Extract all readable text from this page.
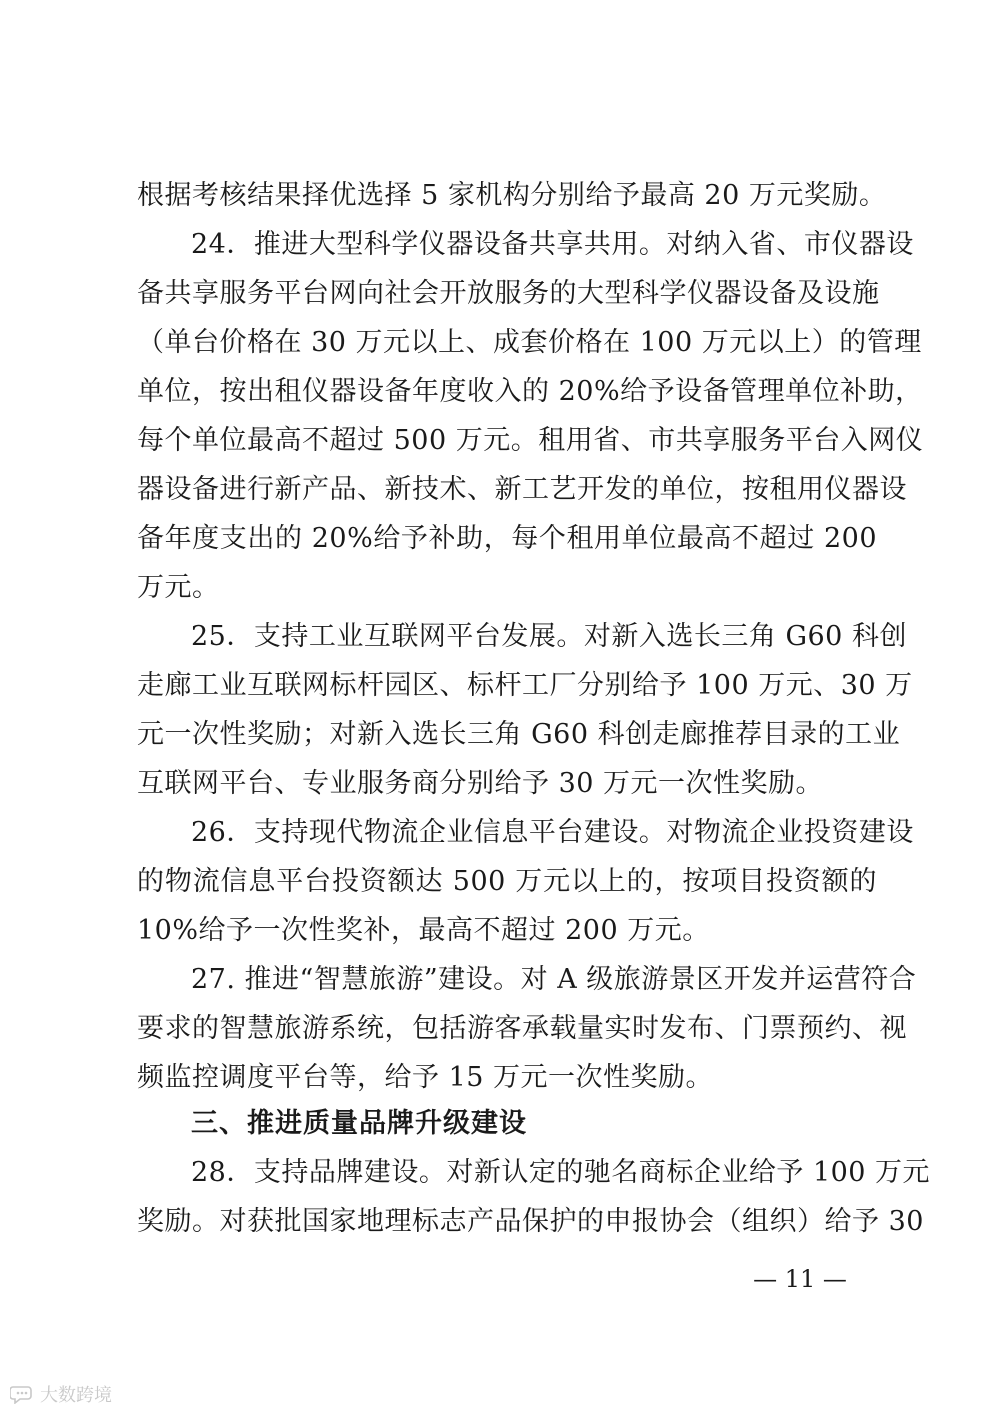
根据考核结果择优选择 5 家机构分别给予最高 20 万元奖励。
24．推进大型科学仪器设备共享共用。对纳入省、市仪器设
备共享服务平台网向社会开放服务的大型科学仪器设备及设施
（单台价格在 30 万元以上、成套价格在 100 万元以上）的管理
单位，按出租仪器设备年度收入的 20%给予设备管理单位补助，
每个单位最高不超过 500 万元。租用省、市共享服务平台入网仪
器设备进行新产品、新技术、新工艺开发的单位，按租用仪器设
备年度支出的 20%给予补助，每个租用单位最高不超过 200
万元。
25．支持工业互联网平台发展。对新入选长三角 G60 科创
走廊工业互联网标杆园区、标杆工厂分别给予 100 万元、30 万
元一次性奖励；对新入选长三角 G60 科创走廊推荐目录的工业
互联网平台、专业服务商分别给予 30 万元一次性奖励。
26．支持现代物流企业信息平台建设。对物流企业投资建设
的物流信息平台投资额达 500 万元以上的，按项目投资额的
10%给予一次性奖补，最高不超过 200 万元。
27. 推进“智慧旅游”建设。对 A 级旅游景区开发并运营符合
要求的智慧旅游系统，包括游客承载量实时发布、门票预约、视
频监控调度平台等，给予 15 万元一次性奖励。
三、推进质量品牌升级建设
28．支持品牌建设。对新认定的驰名商标企业给予 100 万元
奖励。对获批国家地理标志产品保护的申报协会（组织）给予 30
— 11 —
大数跨境
